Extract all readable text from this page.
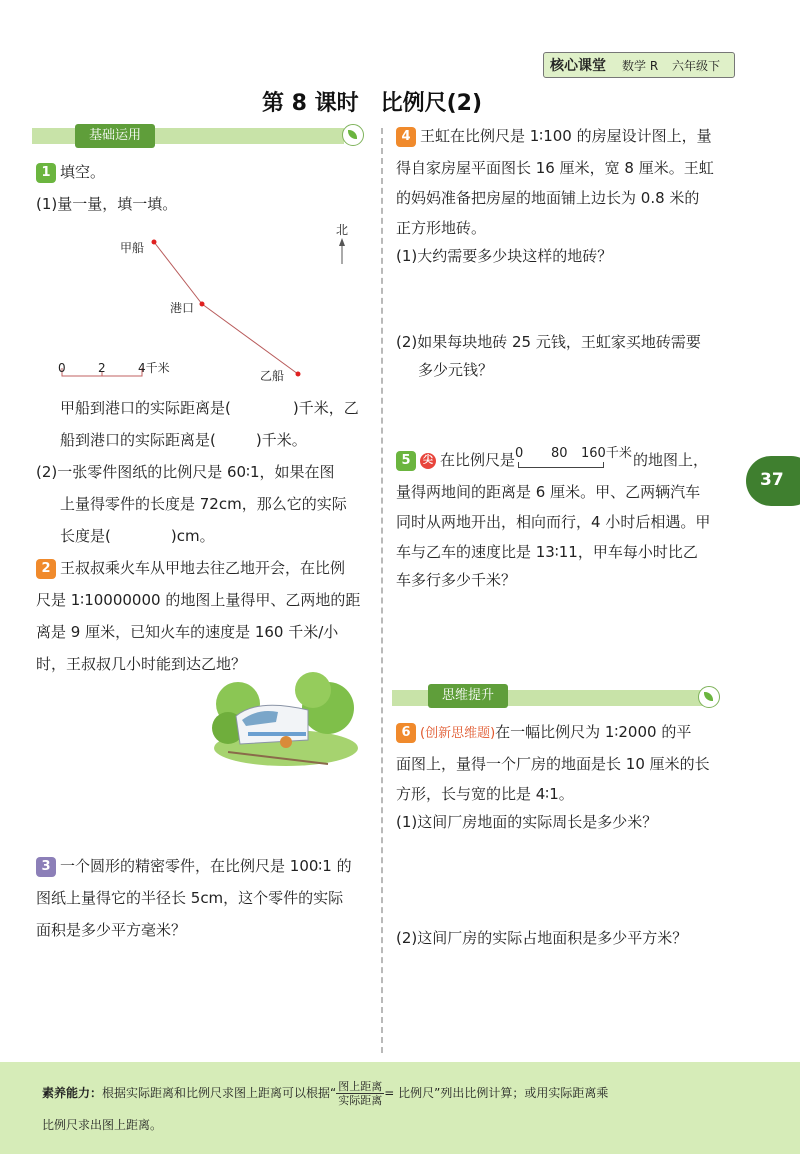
核心课堂 数学 R 六年级下
第 8 课时　比例尺(2)
基础运用
1 填空。
(1)量一量，填一填。
甲船
港口
乙船
北
0	2	4千米
甲船到港口的实际距离是(	)千米，乙
船到港口的实际距离是(	)千米。
(2)一张零件图纸的比例尺是 60∶1，如果在图
上量得零件的长度是 72cm，那么它的实际
长度是(	)cm。
2 王叔叔乘火车从甲地去往乙地开会，在比例
尺是 1∶10000000 的地图上量得甲、乙两地的距
离是 9 厘米，已知火车的速度是 160 千米/小
时，王叔叔几小时能到达乙地？
3 一个圆形的精密零件，在比例尺是 100∶1 的
图纸上量得它的半径长 5cm，这个零件的实际
面积是多少平方毫米？
4 王虹在比例尺是 1∶100 的房屋设计图上，量
得自家房屋平面图长 16 厘米，宽 8 厘米。王虹
的妈妈准备把房屋的地面铺上边长为 0.8 米的
正方形地砖。
(1)大约需要多少块这样的地砖？
(2)如果每块地砖 25 元钱，王虹家买地砖需要
多少元钱？
37
5 尖 在比例尺是 0 80 160千米 的地图上，
量得两地间的距离是 6 厘米。甲、乙两辆汽车
同时从两地开出，相向而行，4 小时后相遇。甲
车与乙车的速度比是 13∶11，甲车每小时比乙
车多行多少千米？
思维提升
6 (创新思维题)在一幅比例尺为 1∶2000 的平
面图上，量得一个厂房的地面是长 10 厘米的长
方形，长与宽的比是 4∶1。
(1)这间厂房地面的实际周长是多少米？
(2)这间厂房的实际占地面积是多少平方米？
素养能力：根据实际距离和比例尺求图上距离可以根据“ $\frac{\text{图上距离}}{\text{实际距离}}$ = 比例尺”列出比例计算；或用实际距离乘
比例尺求出图上距离。
